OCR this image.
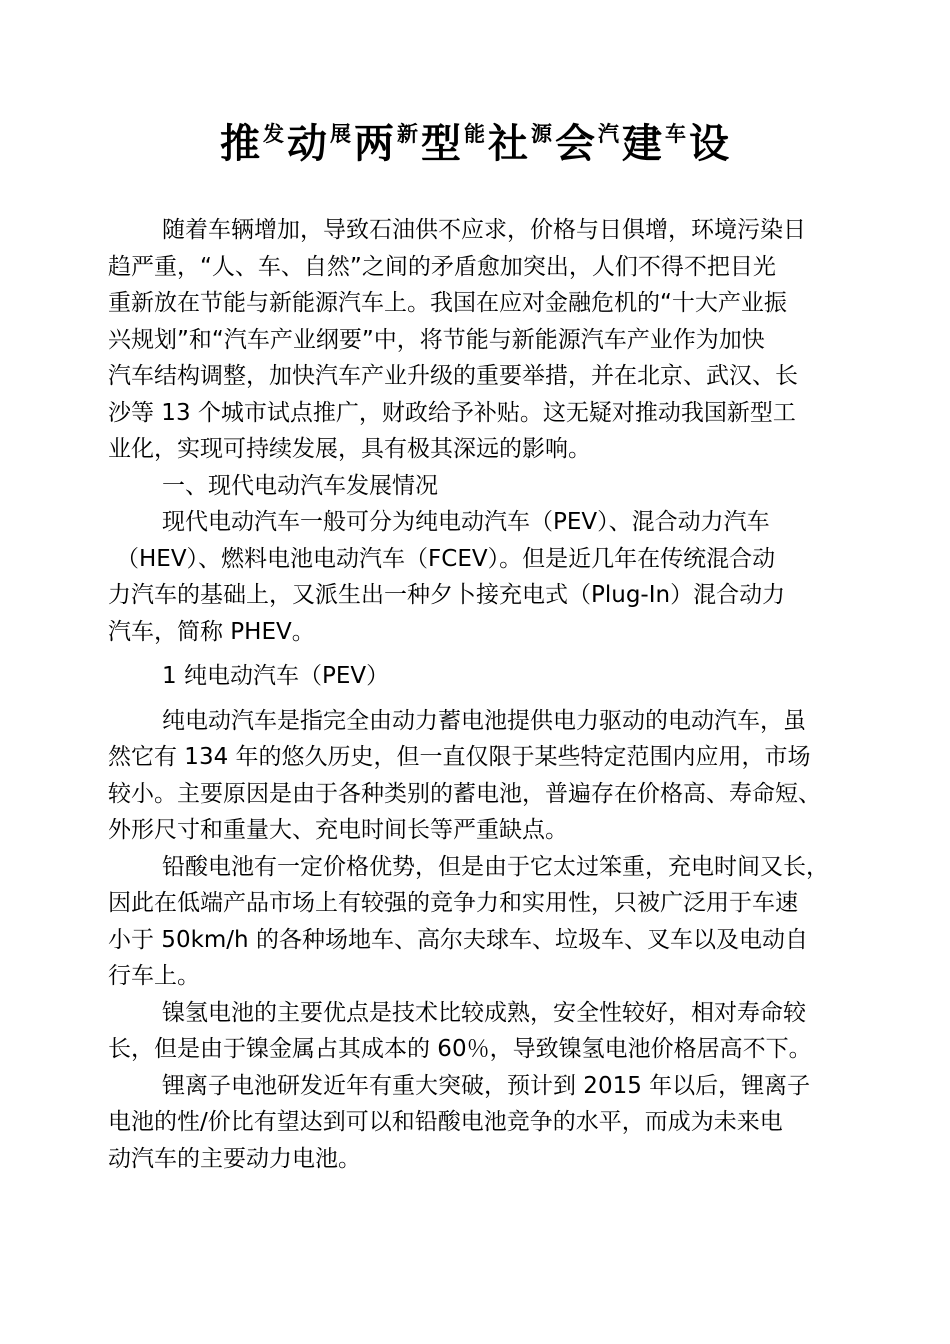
推$^发$动$^展$两$^新$型$^能$社$^源$会$^汽$建$^车$设
随着车辆增加，导致石油供不应求，价格与日俱增，环境污染日
趋严重，“人、车、自然”之间的矛盾愈加突出，人们不得不把目光
重新放在节能与新能源汽车上。我国在应对金融危机的“十大产业振
兴规划”和“汽车产业纲要”中，将节能与新能源汽车产业作为加快
汽车结构调整，加快汽车产业升级的重要举措，并在北京、武汉、长
沙等 13 个城市试点推广，财政给予补贴。这无疑对推动我国新型工
业化，实现可持续发展，具有极其深远的影响。
一、现代电动汽车发展情况
现代电动汽车一般可分为纯电动汽车（PEV）、混合动力汽车
（HEV）、燃料电池电动汽车（FCEV）。但是近几年在传统混合动
力汽车的基础上，又派生出一种夕卜接充电式（Plug-In）混合动力
汽车，简称 PHEV。
1 纯电动汽车（PEV）
纯电动汽车是指完全由动力蓄电池提供电力驱动的电动汽车，虽
然它有 134 年的悠久历史，但一直仅限于某些特定范围内应用，市场
较小。主要原因是由于各种类别的蓄电池，普遍存在价格高、寿命短、
外形尺寸和重量大、充电时间长等严重缺点。
铅酸电池有一定价格优势，但是由于它太过笨重，充电时间又长，
因此在低端产品市场上有较强的竞争力和实用性，只被广泛用于车速
小于 50km/h 的各种场地车、高尔夫球车、垃圾车、叉车以及电动自
行车上。
镍氢电池的主要优点是技术比较成熟，安全性较好，相对寿命较
长，但是由于镍金属占其成本的 60％，导致镍氢电池价格居高不下。
锂离子电池研发近年有重大突破，预计到 2015 年以后，锂离子
电池的性/价比有望达到可以和铅酸电池竞争的水平，而成为未来电
动汽车的主要动力电池。
